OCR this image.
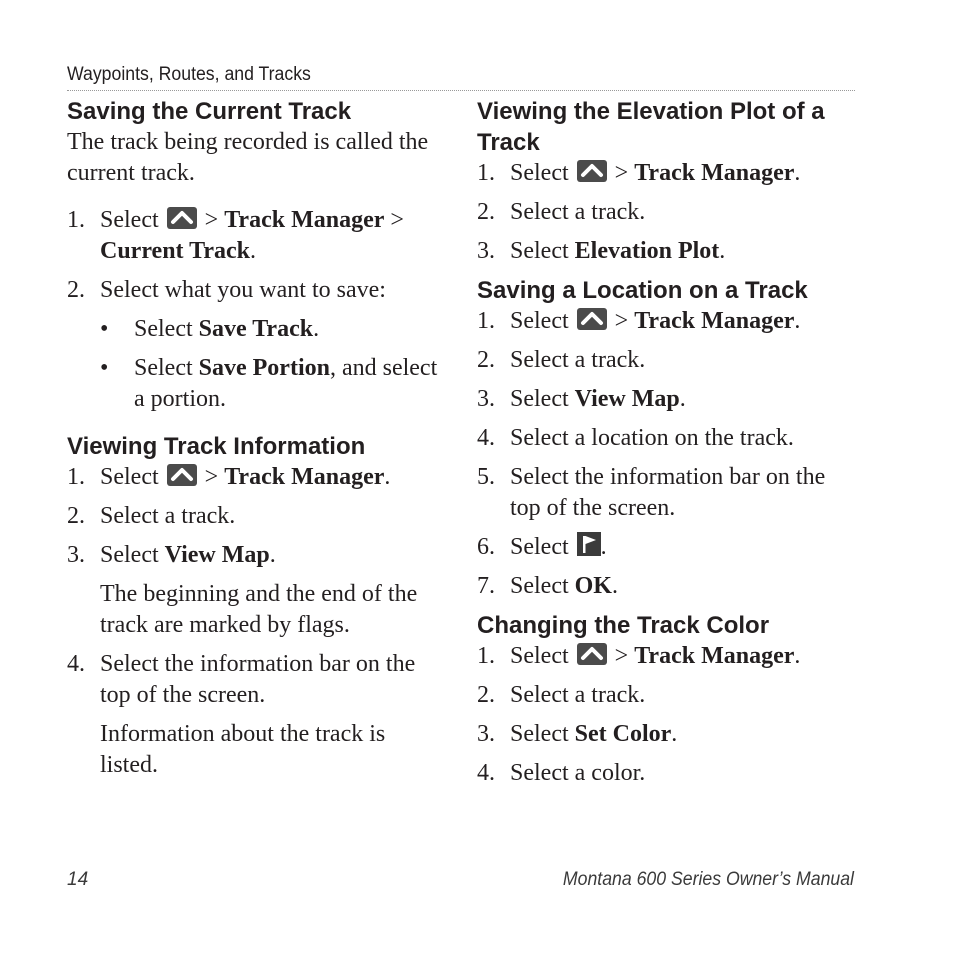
Waypoints, Routes, and Tracks
Saving the Current Track

The track being recorded is called the current track.

1. Select
> Track Manager > Current Track.
2. Select what you want to save:
• Select Save Track.
• Select Save Portion, and select a portion.
Viewing Track Information
1. Select
> Track Manager.
2. Select a track.
3. Select View Map.
The beginning and the end of the track are marked by flags.
4. Select the information bar on the top of the screen.
Information about the track is listed.
Viewing the Elevation Plot of a Track
1. Select
> Track Manager.
2. Select a track.
3. Select Elevation Plot.
Saving a Location on a Track
1. Select
> Track Manager.
2. Select a track.
3. Select View Map.
4. Select a location on the track.
5. Select the information bar on the top of the screen.
6. Select .
7. Select OK.
Changing the Track Color
1. Select
> Track Manager.
2. Select a track.
3. Select Set Color.
4. Select a color.
14	Montana 600 Series Owner’s Manual
